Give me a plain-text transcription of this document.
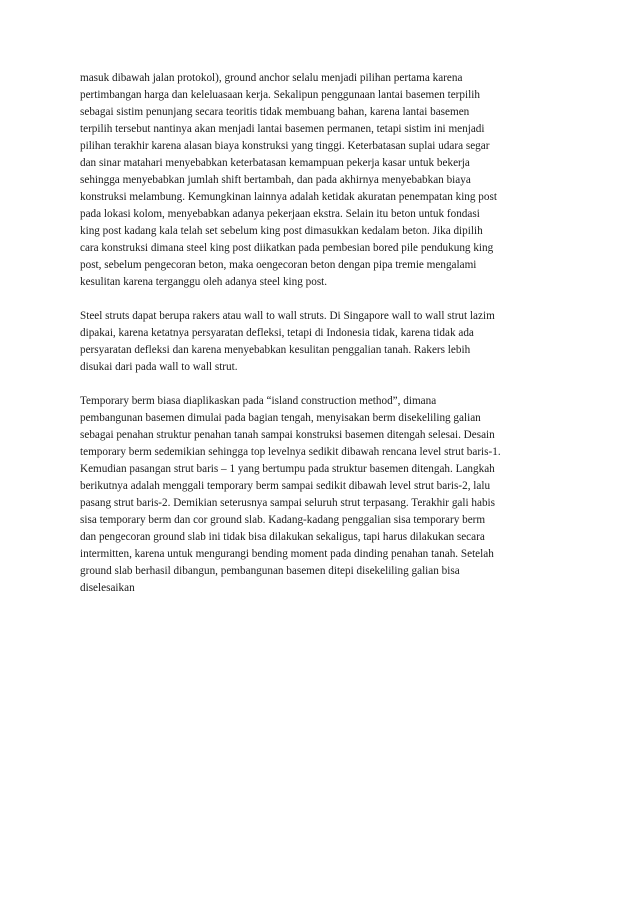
masuk dibawah jalan protokol), ground anchor selalu menjadi pilihan pertama karena
pertimbangan harga dan keleluasaan kerja. Sekalipun penggunaan lantai basemen terpilih
sebagai sistim penunjang secara teoritis tidak membuang bahan, karena lantai basemen
terpilih tersebut nantinya akan menjadi lantai basemen permanen, tetapi sistim ini menjadi
pilihan terakhir karena alasan biaya konstruksi yang tinggi. Keterbatasan suplai udara segar
dan sinar matahari menyebabkan keterbatasan kemampuan pekerja kasar untuk bekerja
sehingga menyebabkan jumlah shift bertambah, dan pada akhirnya menyebabkan biaya
konstruksi melambung. Kemungkinan lainnya adalah ketidak akuratan penempatan king post
pada lokasi kolom, menyebabkan adanya pekerjaan ekstra. Selain itu beton untuk fondasi
king post kadang kala telah set sebelum king post dimasukkan kedalam beton. Jika dipilih
cara konstruksi dimana steel king post diikatkan pada pembesian bored pile pendukung king
post, sebelum pengecoran beton, maka oengecoran beton dengan pipa tremie mengalami
kesulitan karena terganggu oleh adanya steel king post.

Steel struts dapat berupa rakers atau wall to wall struts. Di Singapore wall to wall strut lazim
dipakai, karena ketatnya persyaratan defleksi, tetapi di Indonesia tidak, karena tidak ada
persyaratan defleksi dan karena menyebabkan kesulitan penggalian tanah. Rakers lebih
disukai dari pada wall to wall strut.

Temporary berm biasa diaplikaskan pada “island construction method”, dimana
pembangunan basemen dimulai pada bagian tengah, menyisakan berm disekeliling galian
sebagai penahan struktur penahan tanah sampai konstruksi basemen ditengah selesai. Desain
temporary berm sedemikian sehingga top levelnya sedikit dibawah rencana level strut baris-1.
Kemudian pasangan strut baris – 1 yang bertumpu pada struktur basemen ditengah. Langkah
berikutnya adalah menggali temporary berm sampai sedikit dibawah level strut baris-2, lalu
pasang strut baris-2. Demikian seterusnya sampai seluruh strut terpasang. Terakhir gali habis
sisa temporary berm dan cor ground slab. Kadang-kadang penggalian sisa temporary berm
dan pengecoran ground slab ini tidak bisa dilakukan sekaligus, tapi harus dilakukan secara
intermitten, karena untuk mengurangi bending moment pada dinding penahan tanah. Setelah
ground slab berhasil dibangun, pembangunan basemen ditepi disekeliling galian bisa
diselesaikan
